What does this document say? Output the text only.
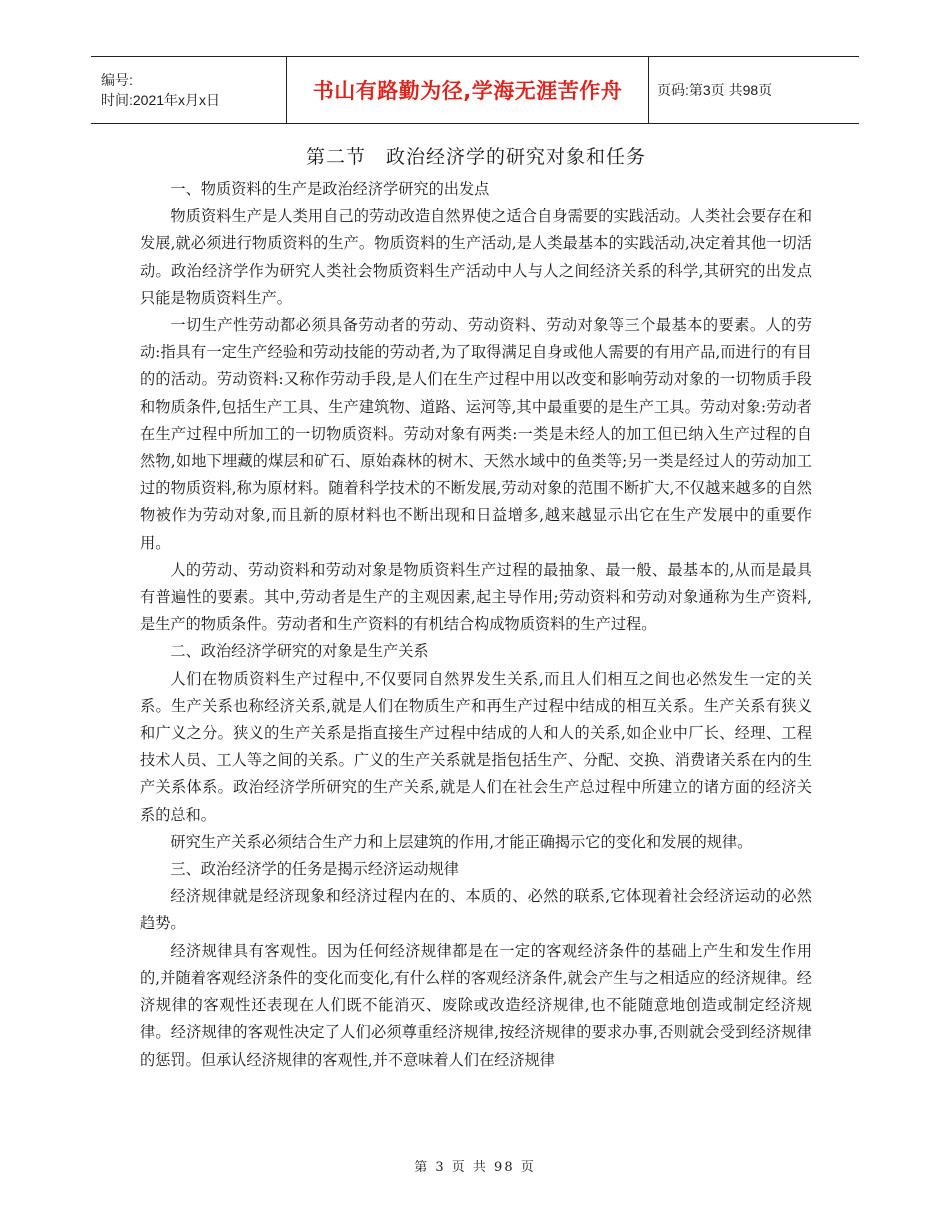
编号:
时间:2021年x月x日	书山有路勤为径,学海无涯苦作舟 页码:第3页 共98页
第二节　政治经济学的研究对象和任务

一、物质资料的生产是政治经济学研究的出发点

物质资料生产是人类用自己的劳动改造自然界使之适合自身需要的实践活动。人类社会要存在和发展,就必须进行物质资料的生产。物质资料的生产活动,是人类最基本的实践活动,决定着其他一切活动。政治经济学作为研究人类社会物质资料生产活动中人与人之间经济关系的科学,其研究的出发点只能是物质资料生产。

一切生产性劳动都必须具备劳动者的劳动、劳动资料、劳动对象等三个最基本的要素。人的劳动:指具有一定生产经验和劳动技能的劳动者,为了取得满足自身或他人需要的有用产品,而进行的有目的的活动。劳动资料:又称作劳动手段,是人们在生产过程中用以改变和影响劳动对象的一切物质手段和物质条件,包括生产工具、生产建筑物、道路、运河等,其中最重要的是生产工具。劳动对象:劳动者在生产过程中所加工的一切物质资料。劳动对象有两类:一类是未经人的加工但已纳入生产过程的自然物,如地下埋藏的煤层和矿石、原始森林的树木、天然水域中的鱼类等;另一类是经过人的劳动加工过的物质资料,称为原材料。随着科学技术的不断发展,劳动对象的范围不断扩大,不仅越来越多的自然物被作为劳动对象,而且新的原材料也不断出现和日益增多,越来越显示出它在生产发展中的重要作用。

人的劳动、劳动资料和劳动对象是物质资料生产过程的最抽象、最一般、最基本的,从而是最具有普遍性的要素。其中,劳动者是生产的主观因素,起主导作用;劳动资料和劳动对象通称为生产资料,是生产的物质条件。劳动者和生产资料的有机结合构成物质资料的生产过程。

二、政治经济学研究的对象是生产关系

人们在物质资料生产过程中,不仅要同自然界发生关系,而且人们相互之间也必然发生一定的关系。生产关系也称经济关系,就是人们在物质生产和再生产过程中结成的相互关系。生产关系有狭义和广义之分。狭义的生产关系是指直接生产过程中结成的人和人的关系,如企业中厂长、经理、工程技术人员、工人等之间的关系。广义的生产关系就是指包括生产、分配、交换、消费诸关系在内的生产关系体系。政治经济学所研究的生产关系,就是人们在社会生产总过程中所建立的诸方面的经济关系的总和。

研究生产关系必须结合生产力和上层建筑的作用,才能正确揭示它的变化和发展的规律。

三、政治经济学的任务是揭示经济运动规律

经济规律就是经济现象和经济过程内在的、本质的、必然的联系,它体现着社会经济运动的必然趋势。

经济规律具有客观性。因为任何经济规律都是在一定的客观经济条件的基础上产生和发生作用的,并随着客观经济条件的变化而变化,有什么样的客观经济条件,就会产生与之相适应的经济规律。经济规律的客观性还表现在人们既不能消灭、废除或改造经济规律,也不能随意地创造或制定经济规律。经济规律的客观性决定了人们必须尊重经济规律,按经济规律的要求办事,否则就会受到经济规律的惩罚。但承认经济规律的客观性,并不意味着人们在经济规律

第 3 页 共 98 页
